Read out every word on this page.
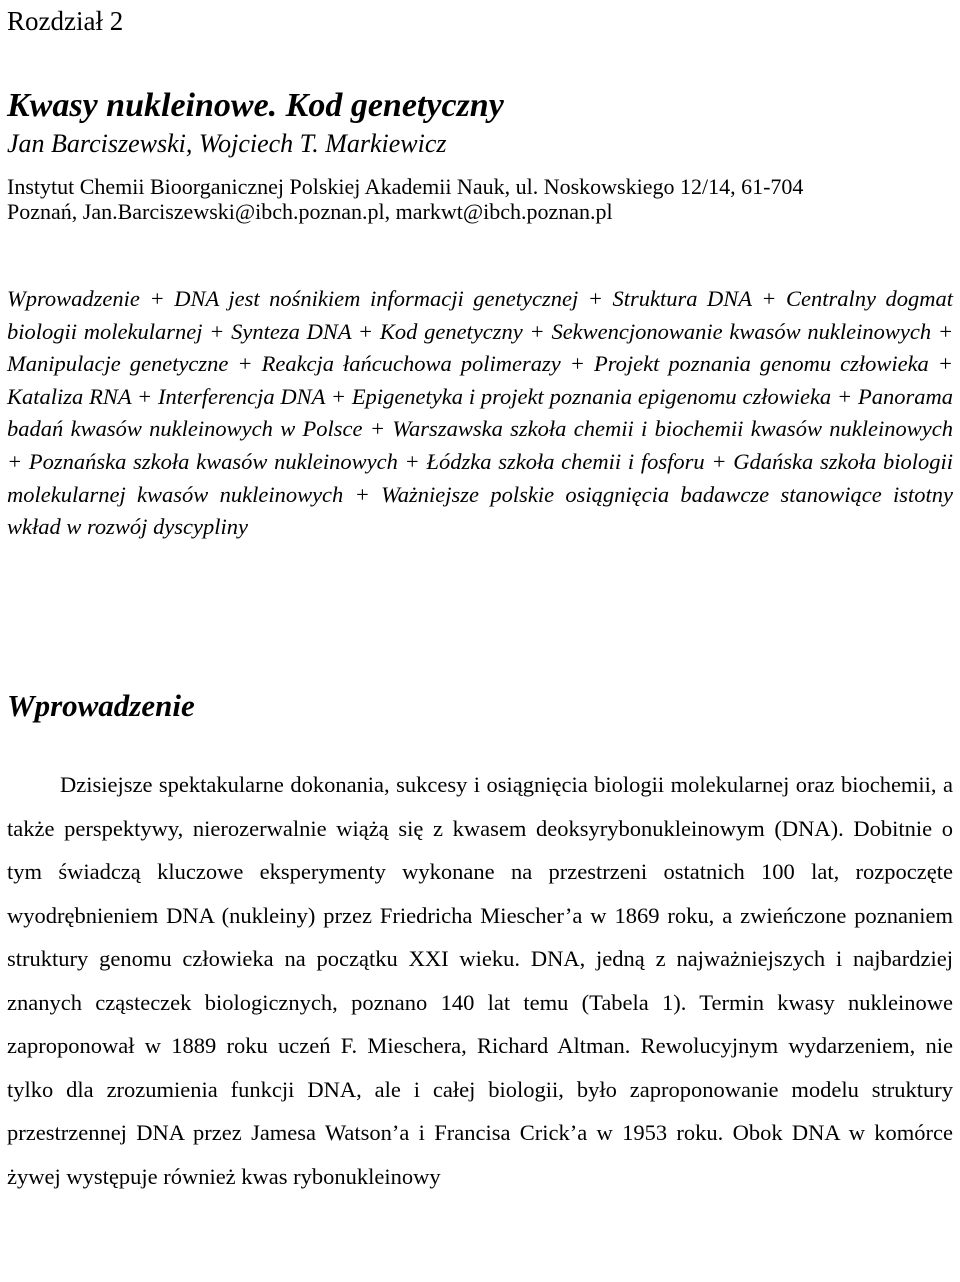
Rozdział 2
Kwasy nukleinowe. Kod genetyczny
Jan Barciszewski, Wojciech T. Markiewicz
Instytut Chemii Bioorganicznej Polskiej Akademii Nauk, ul. Noskowskiego 12/14, 61-704
Poznań, Jan.Barciszewski@ibch.poznan.pl, markwt@ibch.poznan.pl
Wprowadzenie + DNA jest nośnikiem informacji genetycznej + Struktura DNA + Centralny dogmat biologii molekularnej + Synteza DNA + Kod genetyczny + Sekwencjonowanie kwasów nukleinowych + Manipulacje genetyczne + Reakcja łańcuchowa polimerazy + Projekt poznania genomu człowieka + Kataliza RNA + Interferencja DNA + Epigenetyka i projekt poznania epigenomu człowieka + Panorama badań kwasów nukleinowych w Polsce + Warszawska szkoła chemii i biochemii kwasów nukleinowych + Poznańska szkoła kwasów nukleinowych + Łódzka szkoła chemii i fosforu + Gdańska szkoła biologii molekularnej kwasów nukleinowych + Ważniejsze polskie osiągnięcia badawcze stanowiące istotny wkład w rozwój dyscypliny
Wprowadzenie
Dzisiejsze spektakularne dokonania, sukcesy i osiągnięcia biologii molekularnej oraz biochemii, a także perspektywy, nierozerwalnie wiążą się z kwasem deoksyrybonukleinowym (DNA). Dobitnie o tym świadczą kluczowe eksperymenty wykonane na przestrzeni ostatnich 100 lat, rozpoczęte wyodrębnieniem DNA (nukleiny) przez Friedricha Miescher’a w 1869 roku, a zwieńczone poznaniem struktury genomu człowieka na początku XXI wieku. DNA, jedną z najważniejszych i najbardziej znanych cząsteczek biologicznych, poznano 140 lat temu (Tabela 1). Termin kwasy nukleinowe zaproponował w 1889 roku uczeń F. Mieschera, Richard Altman. Rewolucyjnym wydarzeniem, nie tylko dla zrozumienia funkcji DNA, ale i całej biologii, było zaproponowanie modelu struktury przestrzennej DNA przez Jamesa Watson’a i Francisa Crick’a w 1953 roku. Obok DNA w komórce żywej występuje również kwas rybonukleinowy
